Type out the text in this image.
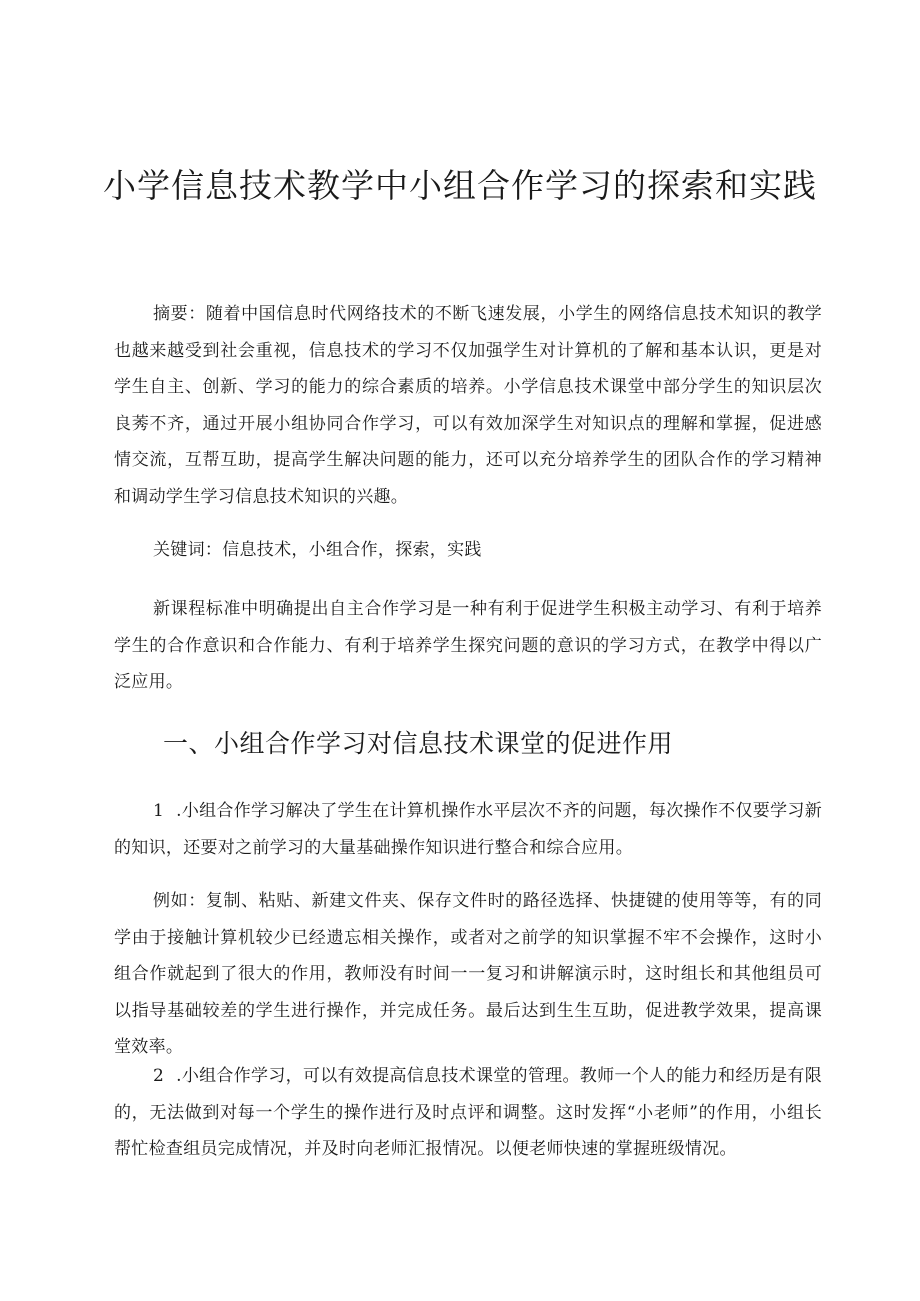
小学信息技术教学中小组合作学习的探索和实践

摘要：随着中国信息时代网络技术的不断飞速发展，小学生的网络信息技术知识的教学也越来越受到社会重视，信息技术的学习不仅加强学生对计算机的了解和基本认识，更是对学生自主、创新、学习的能力的综合素质的培养。小学信息技术课堂中部分学生的知识层次良莠不齐，通过开展小组协同合作学习，可以有效加深学生对知识点的理解和掌握，促进感情交流，互帮互助，提高学生解决问题的能力，还可以充分培养学生的团队合作的学习精神和调动学生学习信息技术知识的兴趣。

关键词：信息技术，小组合作，探索，实践

新课程标准中明确提出自主合作学习是一种有利于促进学生积极主动学习、有利于培养学生的合作意识和合作能力、有利于培养学生探究问题的意识的学习方式，在教学中得以广泛应用。

一、小组合作学习对信息技术课堂的促进作用

1 .小组合作学习解决了学生在计算机操作水平层次不齐的问题，每次操作不仅要学习新的知识，还要对之前学习的大量基础操作知识进行整合和综合应用。

例如：复制、粘贴、新建文件夹、保存文件时的路径选择、快捷键的使用等等，有的同学由于接触计算机较少已经遗忘相关操作，或者对之前学的知识掌握不牢不会操作，这时小组合作就起到了很大的作用，教师没有时间一一复习和讲解演示时，这时组长和其他组员可以指导基础较差的学生进行操作，并完成任务。最后达到生生互助，促进教学效果，提高课堂效率。

2 .小组合作学习，可以有效提高信息技术课堂的管理。教师一个人的能力和经历是有限的，无法做到对每一个学生的操作进行及时点评和调整。这时发挥“小老师”的作用，小组长帮忙检查组员完成情况，并及时向老师汇报情况。以便老师快速的掌握班级情况。
